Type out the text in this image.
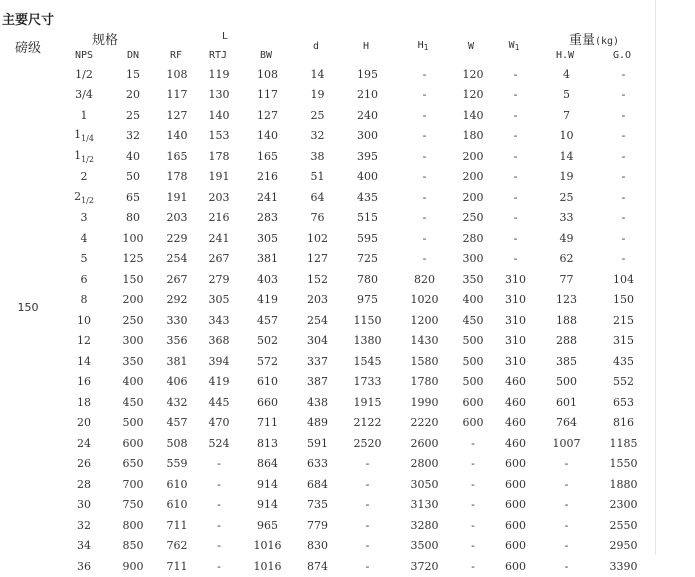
主要尺寸
磅级
规格	L	重量(kg)
NPS	DN	RF	RTJ	BW
d	H	$H_1$	W	$W_1$
H.W	G.O
150
	1/2	15	108	119	108	14	195	-	120	-	4	-
	3/4	20	117	130	117	19	210	-	120	-	5	-
	1	25	127	140	127	25	240	-	140	-	7	-
	$1_{1/4}$	32	140	153	140	32	300	-	180	-	10	-
	$1_{1/2}$	40	165	178	165	38	395	-	200	-	14	-
	2	50	178	191	216	51	400	-	200	-	19	-
	$2_{1/2}$	65	191	203	241	64	435	-	200	-	25	-
	3	80	203	216	283	76	515	-	250	-	33	-
	4	100	229	241	305	102	595	-	280	-	49	-
	5	125	254	267	381	127	725	-	300	-	62	-
	6	150	267	279	403	152	780	820	350	310	77	104
	8	200	292	305	419	203	975	1020	400	310	123	150
	10	250	330	343	457	254	1150	1200	450	310	188	215
	12	300	356	368	502	304	1380	1430	500	310	288	315
	14	350	381	394	572	337	1545	1580	500	310	385	435
	16	400	406	419	610	387	1733	1780	500	460	500	552
	18	450	432	445	660	438	1915	1990	600	460	601	653
	20	500	457	470	711	489	2122	2220	600	460	764	816
	24	600	508	524	813	591	2520	2600	-	460	1007	1185
	26	650	559	-	864	633	-	2800	-	600	-	1550
	28	700	610	-	914	684	-	3050	-	600	-	1880
	30	750	610	-	914	735	-	3130	-	600	-	2300
	32	800	711	-	965	779	-	3280	-	600	-	2550
	34	850	762	-	1016	830	-	3500	-	600	-	2950
	36	900	711	-	1016	874	-	3720	-	600	-	3390
